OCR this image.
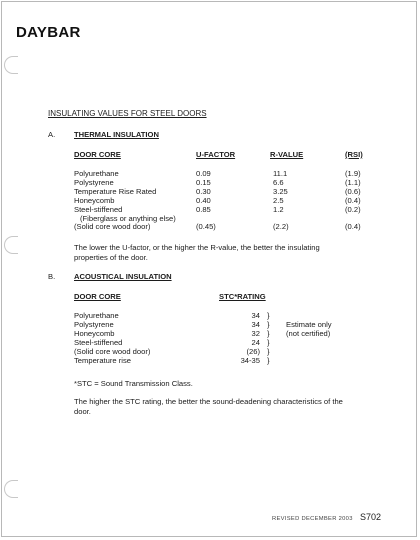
DAYBAR
INSULATING VALUES FOR STEEL DOORS
A. THERMAL INSULATION
DOOR CORE	U-FACTOR	R-VALUE	(RSI)
Polyurethane	0.09	11.1	(1.9)
Polystyrene	0.15	6.6	(1.1)
Temperature Rise Rated	0.30	3.25	(0.6)
Honeycomb	0.40	2.5	(0.4)
Steel-stiffened	0.85	1.2	(0.2)
(Fiberglass or anything else)
(Solid core wood door)	(0.45)	(2.2)	(0.4)
The lower the U-factor, or the higher the R-value, the better the insulating
properties of the door.
B. ACOUSTICAL INSULATION
DOOR CORE	STC*RATING
Polyurethane	34 }
Polystyrene	34 } Estimate only
Honeycomb	32 } (not certified)
Steel-stiffened	24 }
(Solid core wood door)	(26) }
Temperature rise	34-35 }
*STC = Sound Transmission Class.
The higher the STC rating, the better the sound-deadening characteristics of the
door.
REVISED DECEMBER 2003 S702
